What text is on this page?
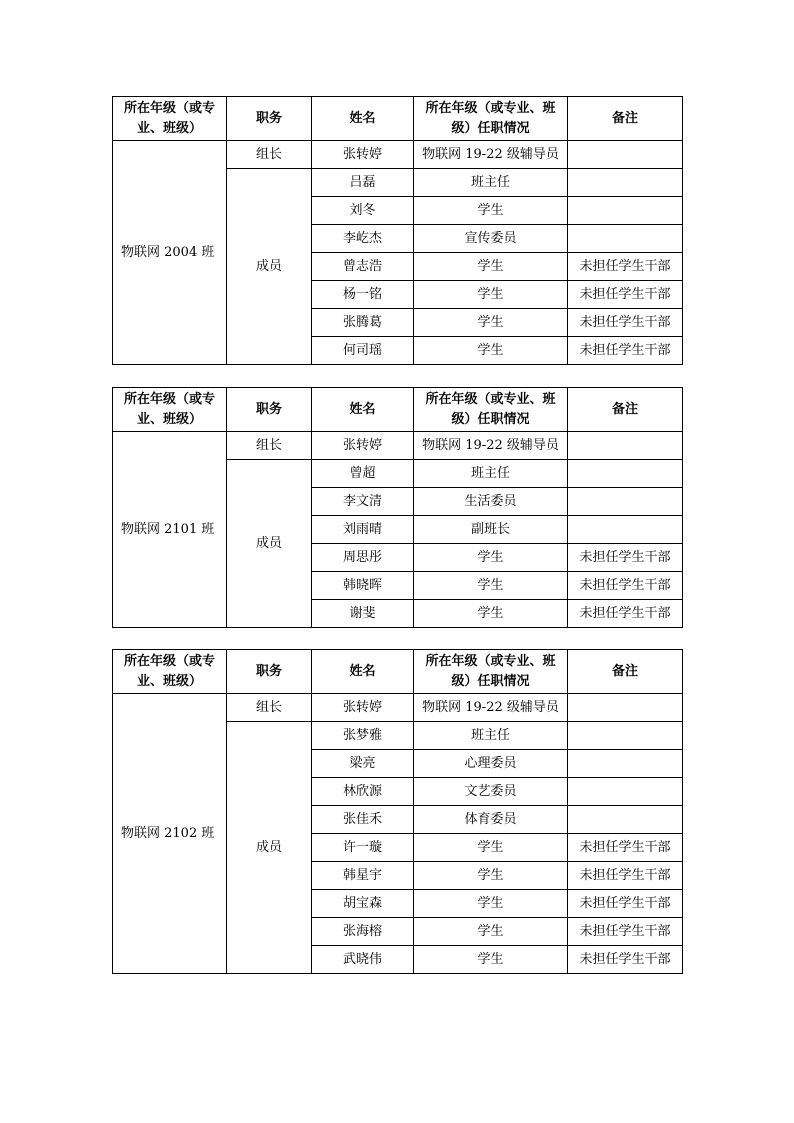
所在年级（或专业、班级）	职务	姓名	所在年级（或专业、班级）任职情况	备注
物联网 2004 班	组长	张转婷	物联网 19-22 级辅导员	
	成员	吕磊	班主任	
		刘冬	学生	
		李屹杰	宣传委员	
		曾志浩	学生	未担任学生干部
		杨一铭	学生	未担任学生干部
		张腾葛	学生	未担任学生干部
		何司瑶	学生	未担任学生干部
所在年级（或专业、班级）	职务	姓名	所在年级（或专业、班级）任职情况	备注
物联网 2101 班	组长	张转婷	物联网 19-22 级辅导员	
	成员	曾超	班主任	
		李文清	生活委员	
		刘雨晴	副班长	
		周思彤	学生	未担任学生干部
		韩晓晖	学生	未担任学生干部
		谢斐	学生	未担任学生干部
所在年级（或专业、班级）	职务	姓名	所在年级（或专业、班级）任职情况	备注
物联网 2102 班	组长	张转婷	物联网 19-22 级辅导员	
	成员	张梦雅	班主任	
		梁亮	心理委员	
		林欣源	文艺委员	
		张佳禾	体育委员	
		许一璇	学生	未担任学生干部
		韩星宇	学生	未担任学生干部
		胡宝森	学生	未担任学生干部
		张海榕	学生	未担任学生干部
		武晓伟	学生	未担任学生干部
